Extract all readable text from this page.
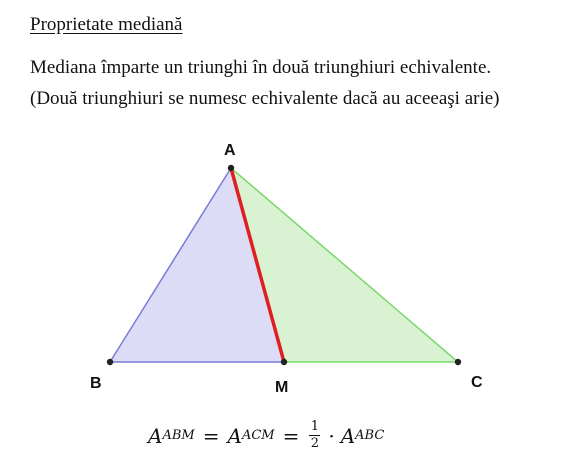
Proprietate mediană
Mediana împarte un triunghi în două triunghiuri echivalente.
(Două triunghiuri se numesc echivalente dacă au aceeaşi arie)
A
B	M	C
A ABM = A ACM = $\frac{1}{2} \cdot A$ ABC
